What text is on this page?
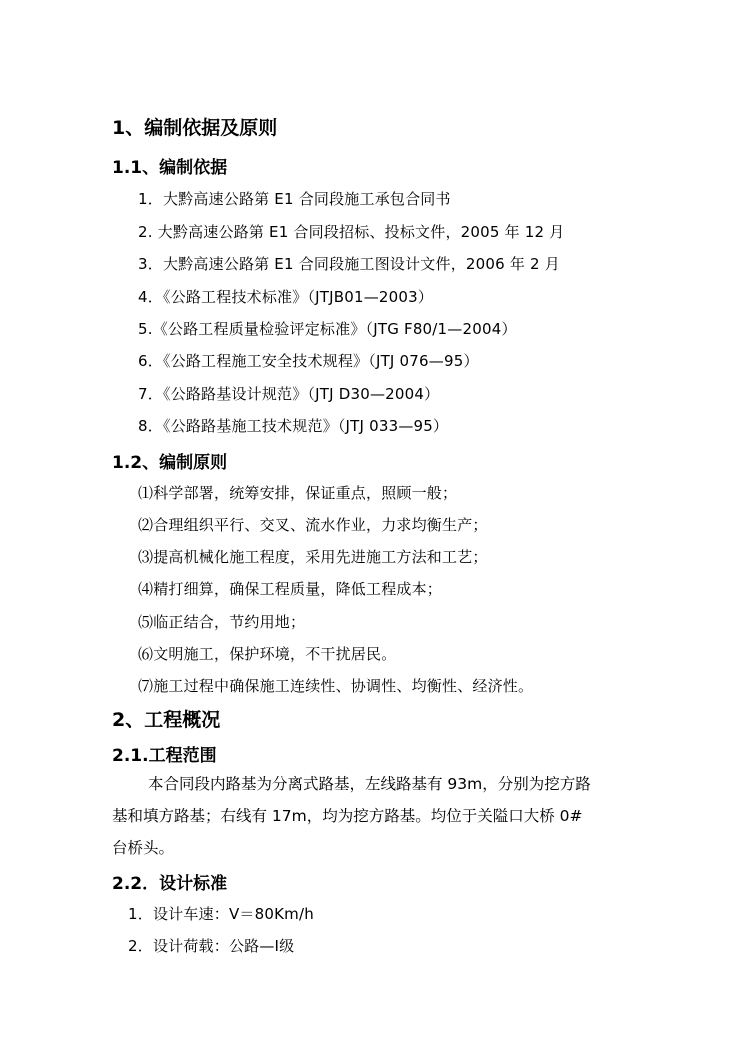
1、编制依据及原则
1.1、编制依据
1．大黔高速公路第 E1 合同段施工承包合同书
2. 大黔高速公路第 E1 合同段招标、投标文件，2005 年 12 月
3．大黔高速公路第 E1 合同段施工图设计文件，2006 年 2 月
4．《公路工程技术标准》（JTJB01—2003）
5.《公路工程质量检验评定标准》（JTG F80/1—2004）
6．《公路工程施工安全技术规程》（JTJ 076—95）
7．《公路路基设计规范》（JTJ D30—2004）
8．《公路路基施工技术规范》（JTJ 033—95）
1.2、编制原则
⑴科学部署，统筹安排，保证重点，照顾一般；
⑵合理组织平行、交叉、流水作业，力求均衡生产；
⑶提高机械化施工程度，采用先进施工方法和工艺；
⑷精打细算，确保工程质量，降低工程成本；
⑸临正结合，节约用地；
⑹文明施工，保护环境，不干扰居民。
⑺施工过程中确保施工连续性、协调性、均衡性、经济性。
2、工程概况
2.1.工程范围
本合同段内路基为分离式路基，左线路基有 93m，分别为挖方路
基和填方路基；右线有 17m，均为挖方路基。均位于关隘口大桥 0#
台桥头。
2.2．设计标准
1．设计车速：V＝80Km/h
2．设计荷载：公路—Ⅰ级
